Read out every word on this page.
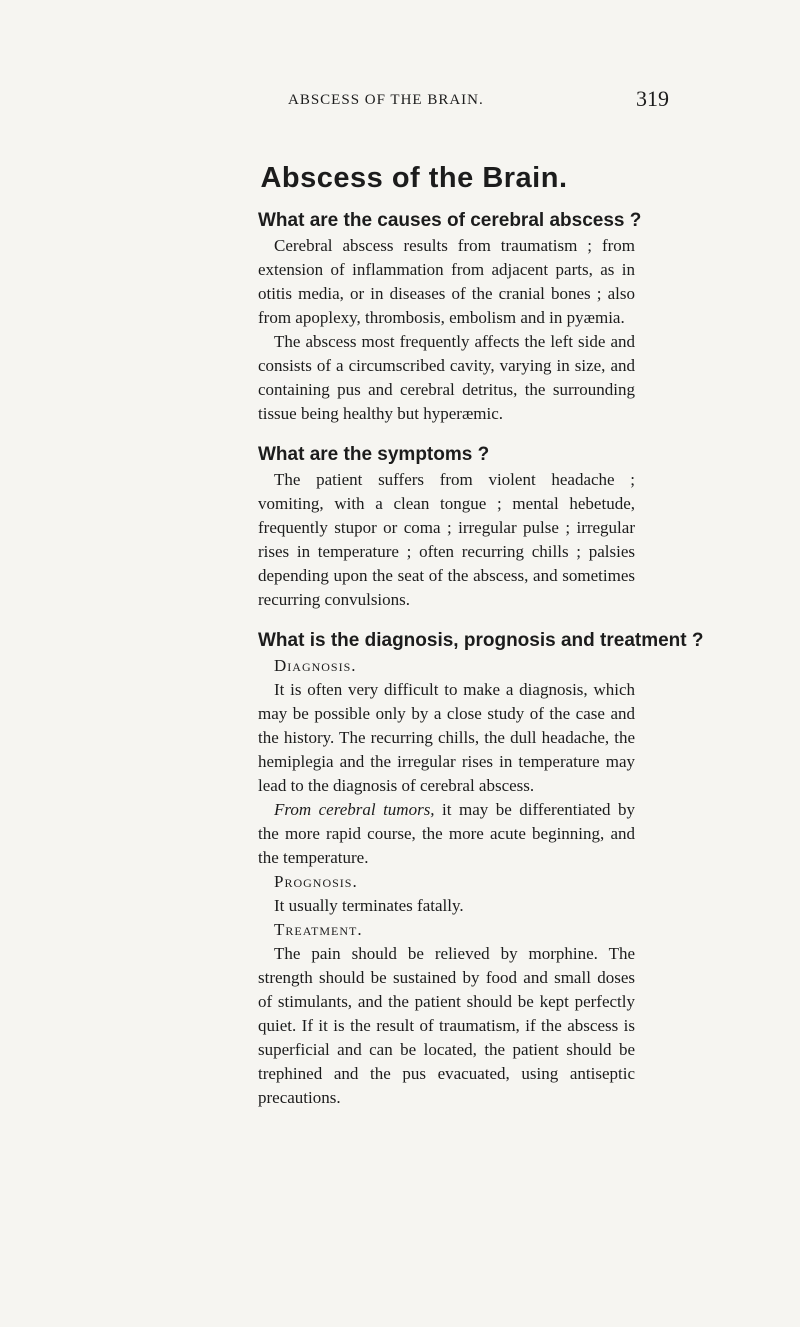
ABSCESS OF THE BRAIN.	319
Abscess of the Brain.

What are the causes of cerebral abscess ?

Cerebral abscess results from traumatism ; from extension of inflammation from adjacent parts, as in otitis media, or in diseases of the cranial bones ; also from apoplexy, thrombosis, embolism and in pyæmia.

The abscess most frequently affects the left side and consists of a circumscribed cavity, varying in size, and containing pus and cerebral detritus, the surrounding tissue being healthy but hyperæmic.

What are the symptoms ?

The patient suffers from violent headache ; vomiting, with a clean tongue ; mental hebetude, frequently stupor or coma ; irregular pulse ; irregular rises in temperature ; often recurring chills ; palsies depending upon the seat of the abscess, and sometimes recurring convulsions.

What is the diagnosis, prognosis and treatment ?

Diagnosis.

It is often very difficult to make a diagnosis, which may be possible only by a close study of the case and the history. The recurring chills, the dull headache, the hemiplegia and the irregular rises in temperature may lead to the diagnosis of cerebral abscess.

From cerebral tumors, it may be differentiated by the more rapid course, the more acute beginning, and the temperature.

Prognosis.

It usually terminates fatally.

Treatment.

The pain should be relieved by morphine. The strength should be sustained by food and small doses of stimulants, and the patient should be kept perfectly quiet. If it is the result of traumatism, if the abscess is superficial and can be located, the patient should be trephined and the pus evacuated, using antiseptic precautions.
